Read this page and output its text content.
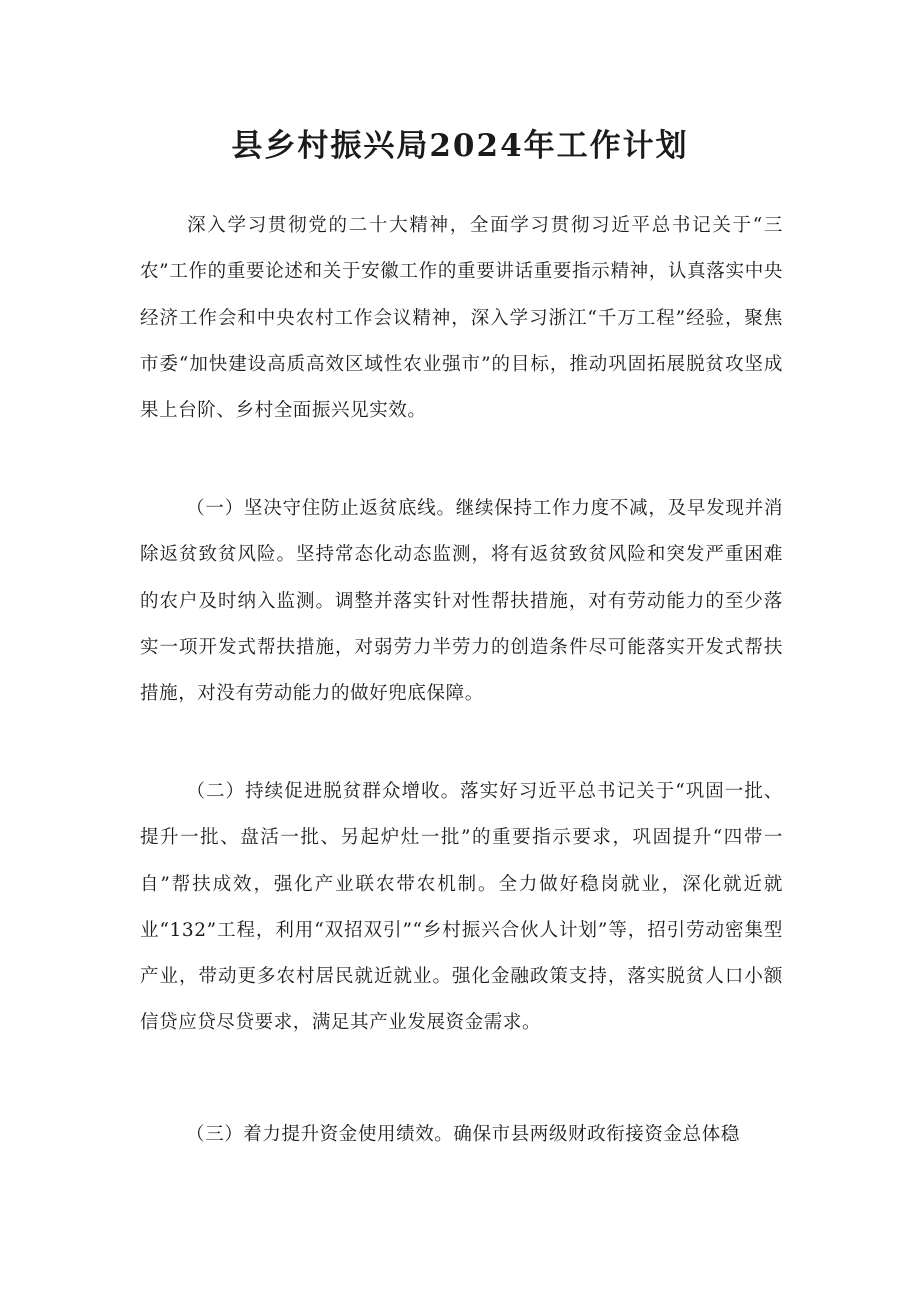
县乡村振兴局2024年工作计划

深入学习贯彻党的二十大精神，全面学习贯彻习近平总书记关于“三农”工作的重要论述和关于安徽工作的重要讲话重要指示精神，认真落实中央经济工作会和中央农村工作会议精神，深入学习浙江“千万工程”经验，聚焦市委“加快建设高质高效区域性农业强市”的目标，推动巩固拓展脱贫攻坚成果上台阶、乡村全面振兴见实效。

（一）坚决守住防止返贫底线。继续保持工作力度不减，及早发现并消除返贫致贫风险。坚持常态化动态监测，将有返贫致贫风险和突发严重困难的农户及时纳入监测。调整并落实针对性帮扶措施，对有劳动能力的至少落实一项开发式帮扶措施，对弱劳力半劳力的创造条件尽可能落实开发式帮扶措施，对没有劳动能力的做好兜底保障。

（二）持续促进脱贫群众增收。落实好习近平总书记关于“巩固一批、提升一批、盘活一批、另起炉灶一批”的重要指示要求，巩固提升“四带一自”帮扶成效，强化产业联农带农机制。全力做好稳岗就业，深化就近就业“132”工程，利用“双招双引”“乡村振兴合伙人计划”等，招引劳动密集型产业，带动更多农村居民就近就业。强化金融政策支持，落实脱贫人口小额信贷应贷尽贷要求，满足其产业发展资金需求。

（三）着力提升资金使用绩效。确保市县两级财政衔接资金总体稳
